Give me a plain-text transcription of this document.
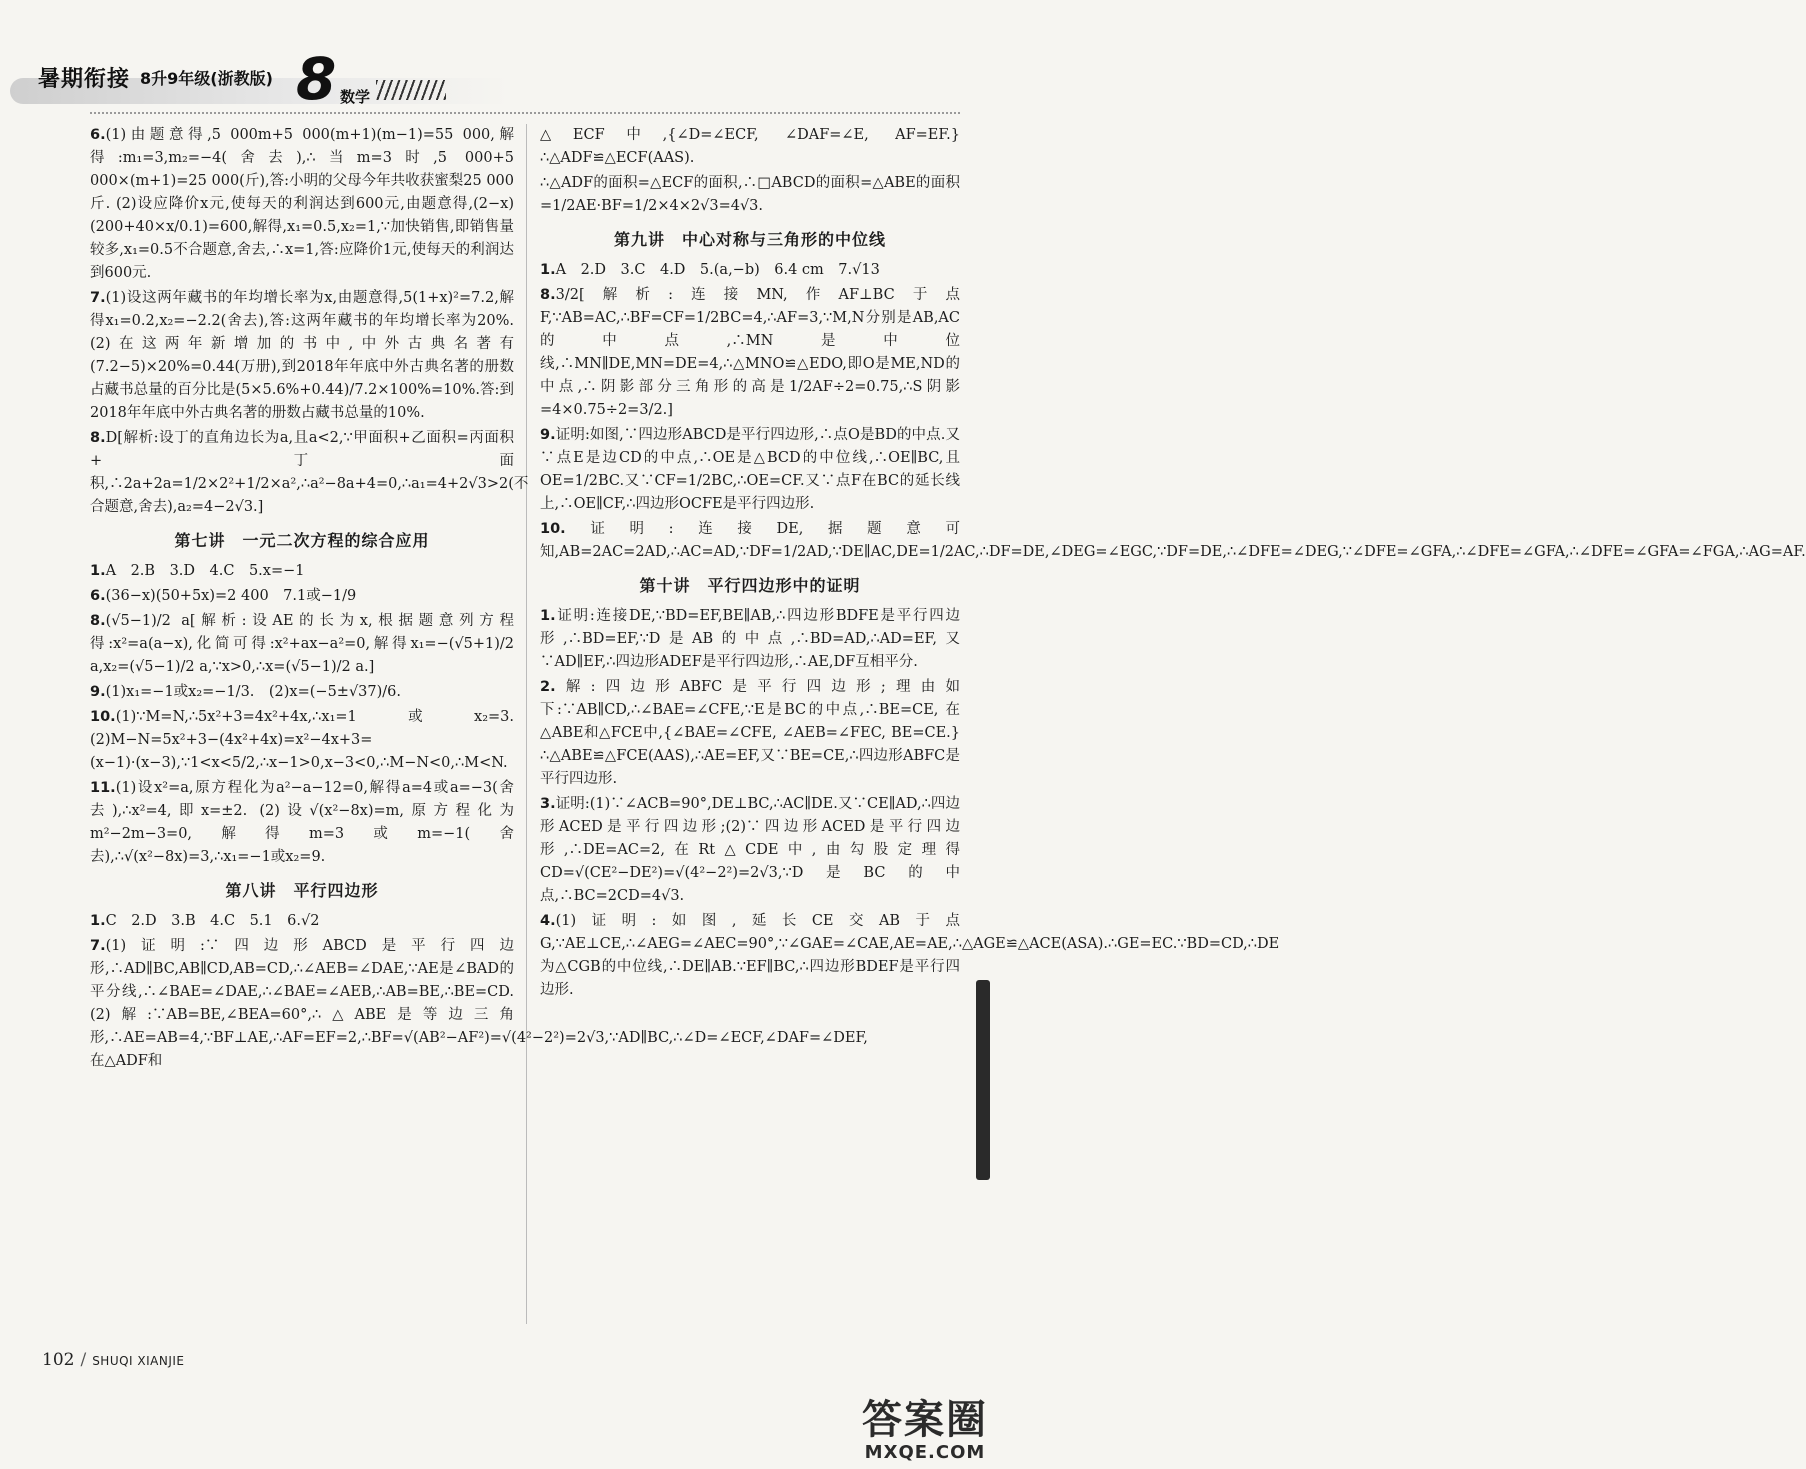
暑期衔接 8升9年级(浙教版) 8 数学

6.(1)由题意得,5 000m+5 000(m+1)(m−1)=55 000,解得:m₁=3,m₂=−4(舍去),∴当m=3时,5 000+5 000×(m+1)=25 000(斤),答:小明的父母今年共收获蜜梨25 000斤. (2)设应降价x元,使每天的利润达到600元,由题意得,(2−x)(200+40×x/0.1)=600,解得,x₁=0.5,x₂=1,∵加快销售,即销售量较多,x₁=0.5不合题意,舍去,∴x=1,答:应降价1元,使每天的利润达到600元.

7.(1)设这两年藏书的年均增长率为x,由题意得,5(1+x)²=7.2,解得x₁=0.2,x₂=−2.2(舍去),答:这两年藏书的年均增长率为20%. (2)在这两年新增加的书中,中外古典名著有(7.2−5)×20%=0.44(万册),到2018年年底中外古典名著的册数占藏书总量的百分比是(5×5.6%+0.44)/7.2×100%=10%.答:到2018年年底中外古典名著的册数占藏书总量的10%.

8.D[解析:设丁的直角边长为a,且a<2,∵甲面积+乙面积=丙面积+丁面积,∴2a+2a=1/2×2²+1/2×a²,∴a²−8a+4=0,∴a₁=4+2√3>2(不合题意,舍去),a₂=4−2√3.]

第七讲　一元二次方程的综合应用

1.A　2.B　3.D　4.C　5.x=−1

6.(36−x)(50+5x)=2 400　7.1或−1/9

8.(√5−1)/2 a[解析:设AE的长为x,根据题意列方程得:x²=a(a−x),化简可得:x²+ax−a²=0,解得x₁=−(√5+1)/2 a,x₂=(√5−1)/2 a,∵x>0,∴x=(√5−1)/2 a.]

9.(1)x₁=−1或x₂=−1/3.　(2)x=(−5±√37)/6.

10.(1)∵M=N,∴5x²+3=4x²+4x,∴x₁=1或x₂=3.(2)M−N=5x²+3−(4x²+4x)=x²−4x+3=(x−1)·(x−3),∵1<x<5/2,∴x−1>0,x−3<0,∴M−N<0,∴M<N.

11.(1)设x²=a,原方程化为a²−a−12=0,解得a=4或a=−3(舍去),∴x²=4,即x=±2. (2)设√(x²−8x)=m,原方程化为m²−2m−3=0,解得m=3或m=−1(舍去),∴√(x²−8x)=3,∴x₁=−1或x₂=9.

第八讲　平行四边形

1.C　2.D　3.B　4.C　5.1　6.√2

7.(1)证明:∵四边形ABCD是平行四边形,∴AD∥BC,AB∥CD,AB=CD,∴∠AEB=∠DAE,∵AE是∠BAD的平分线,∴∠BAE=∠DAE,∴∠BAE=∠AEB,∴AB=BE,∴BE=CD. (2)解:∵AB=BE,∠BEA=60°,∴△ABE是等边三角形,∴AE=AB=4,∵BF⊥AE,∴AF=EF=2,∴BF=√(AB²−AF²)=√(4²−2²)=2√3,∵AD∥BC,∴∠D=∠ECF,∠DAF=∠DEF,在△ADF和

△ECF中,{∠D=∠ECF, ∠DAF=∠E, AF=EF.} ∴△ADF≌△ECF(AAS).

∴△ADF的面积=△ECF的面积,∴□ABCD的面积=△ABE的面积=1/2AE·BF=1/2×4×2√3=4√3.

第九讲　中心对称与三角形的中位线

1.A　2.D　3.C　4.D　5.(a,−b)　6.4 cm　7.√13

8.3/2[解析:连接MN,作AF⊥BC于点F,∵AB=AC,∴BF=CF=1/2BC=4,∴AF=3,∵M,N分别是AB,AC的中点,∴MN是中位线,∴MN∥DE,MN=DE=4,∴△MNO≌△EDO,即O是ME,ND的中点,∴阴影部分三角形的高是1/2AF÷2=0.75,∴S阴影=4×0.75÷2=3/2.]

9.证明:如图,∵四边形ABCD是平行四边形,∴点O是BD的中点.又∵点E是边CD的中点,∴OE是△BCD的中位线,∴OE∥BC,且OE=1/2BC.又∵CF=1/2BC,∴OE=CF.又∵点F在BC的延长线上,∴OE∥CF,∴四边形OCFE是平行四边形.

10.证明:连接DE,据题意可知,AB=2AC=2AD,∴AC=AD,∵DF=1/2AD,∵DE∥AC,DE=1/2AC,∴DF=DE,∠DEG=∠EGC,∵DF=DE,∴∠DFE=∠DEG,∵∠DFE=∠GFA,∴∠DFE=∠GFA,∴∠DFE=∠GFA=∠FGA,∴AG=AF.

第十讲　平行四边形中的证明

1.证明:连接DE,∵BD=EF,BE∥AB,∴四边形BDFE是平行四边形,∴BD=EF,∵D是AB的中点,∴BD=AD,∴AD=EF,又∵AD∥EF,∴四边形ADEF是平行四边形,∴AE,DF互相平分.

2.解:四边形ABFC是平行四边形;理由如下:∵AB∥CD,∴∠BAE=∠CFE,∵E是BC的中点,∴BE=CE, 在△ABE和△FCE中,{∠BAE=∠CFE, ∠AEB=∠FEC, BE=CE.} ∴△ABE≌△FCE(AAS),∴AE=EF,又∵BE=CE,∴四边形ABFC是平行四边形.

3.证明:(1)∵∠ACB=90°,DE⊥BC,∴AC∥DE.又∵CE∥AD,∴四边形ACED是平行四边形;(2)∵四边形ACED是平行四边形,∴DE=AC=2,在Rt△CDE中,由勾股定理得CD=√(CE²−DE²)=√(4²−2²)=2√3,∵D是BC的中点,∴BC=2CD=4√3.

4.(1)证明:如图,延长CE交AB于点G,∵AE⊥CE,∴∠AEG=∠AEC=90°,∵∠GAE=∠CAE,AE=AE,∴△AGE≌△ACE(ASA).∴GE=EC.∵BD=CD,∴DE为△CGB的中位线,∴DE∥AB.∵EF∥BC,∴四边形BDEF是平行四边形.

102 / SHUQI XIANJIE
答案圈
MXQE.COM
